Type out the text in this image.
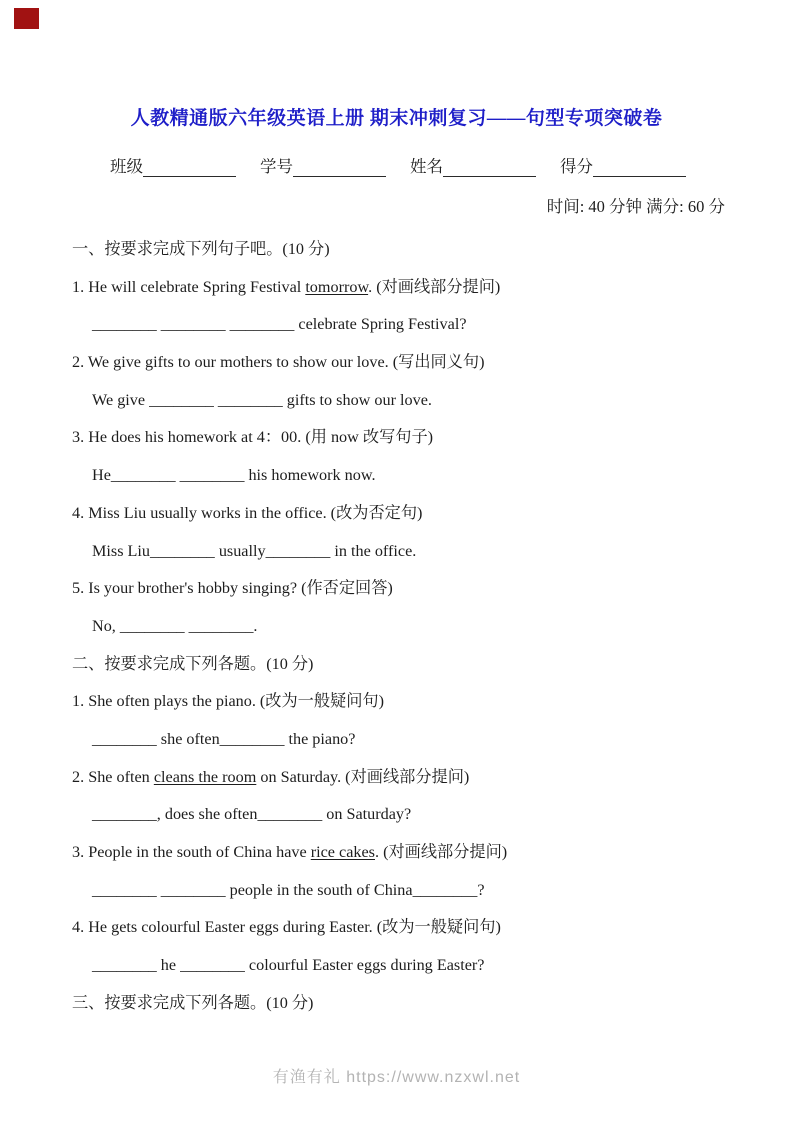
人教精通版六年级英语上册 期末冲刺复习——句型专项突破卷
班级	学号	姓名	得分
时间: 40 分钟 满分: 60 分

一、按要求完成下列句子吧。(10 分)

1. He will celebrate Spring Festival tomorrow. (对画线部分提问)

________ ________ ________ celebrate Spring Festival?

2. We give gifts to our mothers to show our love. (写出同义句)

We give ________ ________ gifts to show our love.

3. He does his homework at 4：00. (用 now 改写句子)

He________ ________ his homework now.

4. Miss Liu usually works in the office. (改为否定句)

Miss Liu________ usually________ in the office.

5. Is your brother's hobby singing? (作否定回答)

No, ________ ________.

二、按要求完成下列各题。(10 分)

1. She often plays the piano. (改为一般疑问句)

________ she often________ the piano?

2. She often cleans the room on Saturday. (对画线部分提问)

________, does she often________ on Saturday?

3. People in the south of China have rice cakes. (对画线部分提问)

________ ________ people in the south of China________?

4. He gets colourful Easter eggs during Easter. (改为一般疑问句)

________ he ________ colourful Easter eggs during Easter?

三、按要求完成下列各题。(10 分)

有渔有礼 https://www.nzxwl.net
